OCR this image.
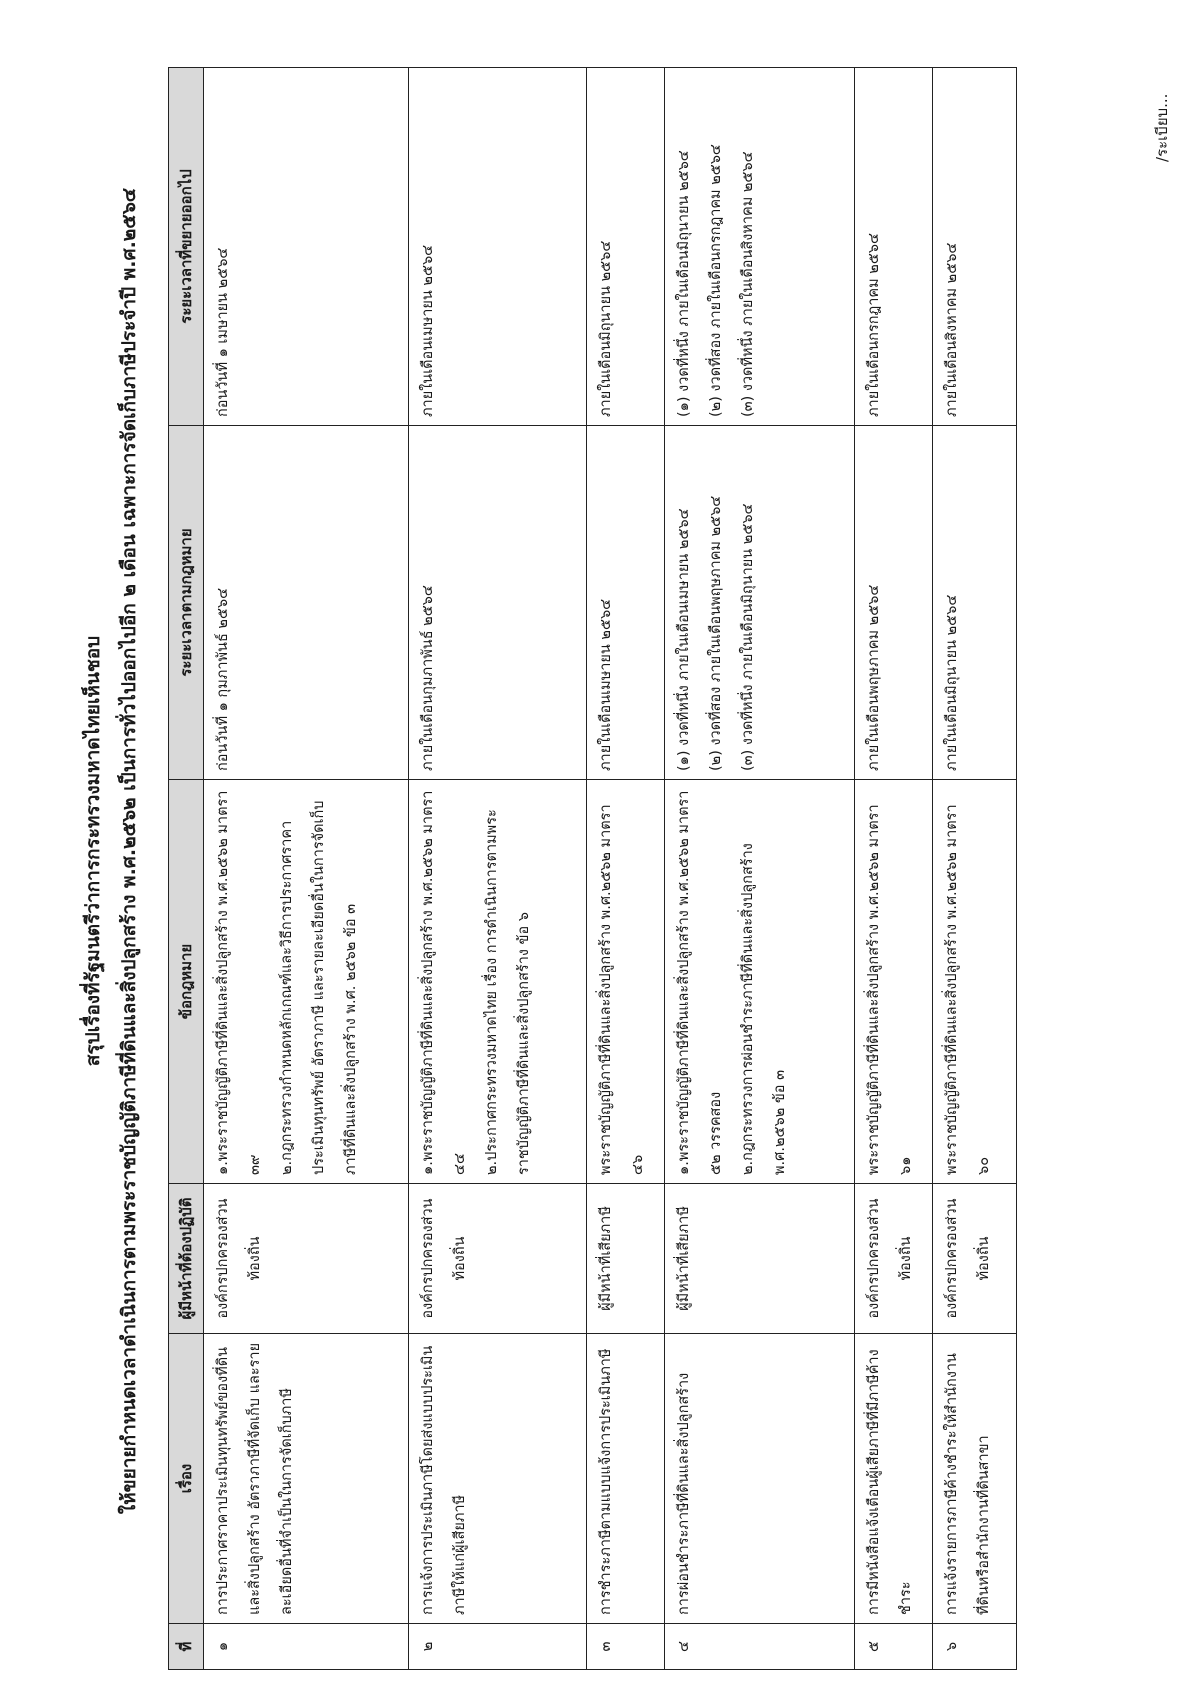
สรุปเรื่องที่รัฐมนตรีว่าการกระทรวงมหาดไทยเห็นชอบ ให้ขยายกำหนดเวลาดำเนินการตามพระราชบัญญัติภาษีที่ดินและสิ่งปลูกสร้าง พ.ศ.๒๕๖๒ เป็นการทั่วไปออกไปอีก ๒ เดือน เฉพาะการจัดเก็บภาษีประจำปี พ.ศ.๒๕๖๔
ที่	เรื่อง	ผู้มีหน้าที่ต้องปฏิบัติ	ข้อกฎหมาย	ระยะเวลาตามกฎหมาย	ระยะเวลาที่ขยายออกไป
๑	การประกาศราคาประเมินทุนทรัพย์ของที่ดินและสิ่งปลูกสร้าง อัตราภาษีที่จัดเก็บ และรายละเอียดอื่นที่จำเป็นในการจัดเก็บภาษี	องค์กรปกครองส่วนท้องถิ่น	๑.พระราชบัญญัติภาษีที่ดินและสิ่งปลูกสร้าง พ.ศ.๒๕๖๒ มาตรา ๓๙ ๒.กฎกระทรวงกำหนดหลักเกณฑ์และวิธีการประกาศราคาประเมินทุนทรัพย์ อัตราภาษี และรายละเอียดอื่นในการจัดเก็บภาษีที่ดินและสิ่งปลูกสร้าง พ.ศ. ๒๕๖๒ ข้อ ๓	ก่อนวันที่ ๑ กุมภาพันธ์ ๒๕๖๔	ก่อนวันที่ ๑ เมษายน ๒๕๖๔

๒	การแจ้งการประเมินภาษีโดยส่งแบบประเมินภาษีให้แก่ผู้เสียภาษี	องค์กรปกครองส่วนท้องถิ่น	๑.พระราชบัญญัติภาษีที่ดินและสิ่งปลูกสร้าง พ.ศ.๒๕๖๒ มาตรา ๔๔ ๒.ประกาศกระทรวงมหาดไทย เรื่อง การดำเนินการตามพระราชบัญญัติภาษีที่ดินและสิ่งปลูกสร้าง ข้อ ๖	ภายในเดือนกุมภาพันธ์ ๒๕๖๔	ภายในเดือนเมษายน ๒๕๖๔

๓	การชำระภาษีตามแบบแจ้งการประเมินภาษี	ผู้มีหน้าที่เสียภาษี	พระราชบัญญัติภาษีที่ดินและสิ่งปลูกสร้าง พ.ศ.๒๕๖๒ มาตรา ๔๖	ภายในเดือนเมษายน ๒๕๖๔	ภายในเดือนมิถุนายน ๒๕๖๔

๔	การผ่อนชำระภาษีที่ดินและสิ่งปลูกสร้าง	ผู้มีหน้าที่เสียภาษี	๑.พระราชบัญญัติภาษีที่ดินและสิ่งปลูกสร้าง พ.ศ.๒๕๖๒ มาตรา ๕๒ วรรคสอง ๒.กฎกระทรวงการผ่อนชำระภาษีที่ดินและสิ่งปลูกสร้าง พ.ศ.๒๕๖๒ ข้อ ๓	(๑) งวดที่หนึ่ง ภายในเดือนเมษายน ๒๕๖๔ (๒) งวดที่สอง ภายในเดือนพฤษภาคม ๒๕๖๔ (๓) งวดที่หนึ่ง ภายในเดือนมิถุนายน ๒๕๖๔	(๑) งวดที่หนึ่ง ภายในเดือนมิถุนายน ๒๕๖๔ (๒) งวดที่สอง ภายในเดือนกรกฎาคม ๒๕๖๔ (๓) งวดที่หนึ่ง ภายในเดือนสิงหาคม ๒๕๖๔

๕	การมีหนังสือแจ้งเตือนผู้เสียภาษีที่มีภาษีค้างชำระ	องค์กรปกครองส่วนท้องถิ่น	พระราชบัญญัติภาษีที่ดินและสิ่งปลูกสร้าง พ.ศ.๒๕๖๒ มาตรา ๖๑	ภายในเดือนพฤษภาคม ๒๕๖๔	ภายในเดือนกรกฎาคม ๒๕๖๔

๖	การแจ้งรายการภาษีค้างชำระให้สำนักงานที่ดินหรือสำนักงานที่ดินสาขา	องค์กรปกครองส่วนท้องถิ่น	พระราชบัญญัติภาษีที่ดินและสิ่งปลูกสร้าง พ.ศ.๒๕๖๒ มาตรา ๖๐	ภายในเดือนมิถุนายน ๒๕๖๔	ภายในเดือนสิงหาคม ๒๕๖๔
/ระเบียบ...
